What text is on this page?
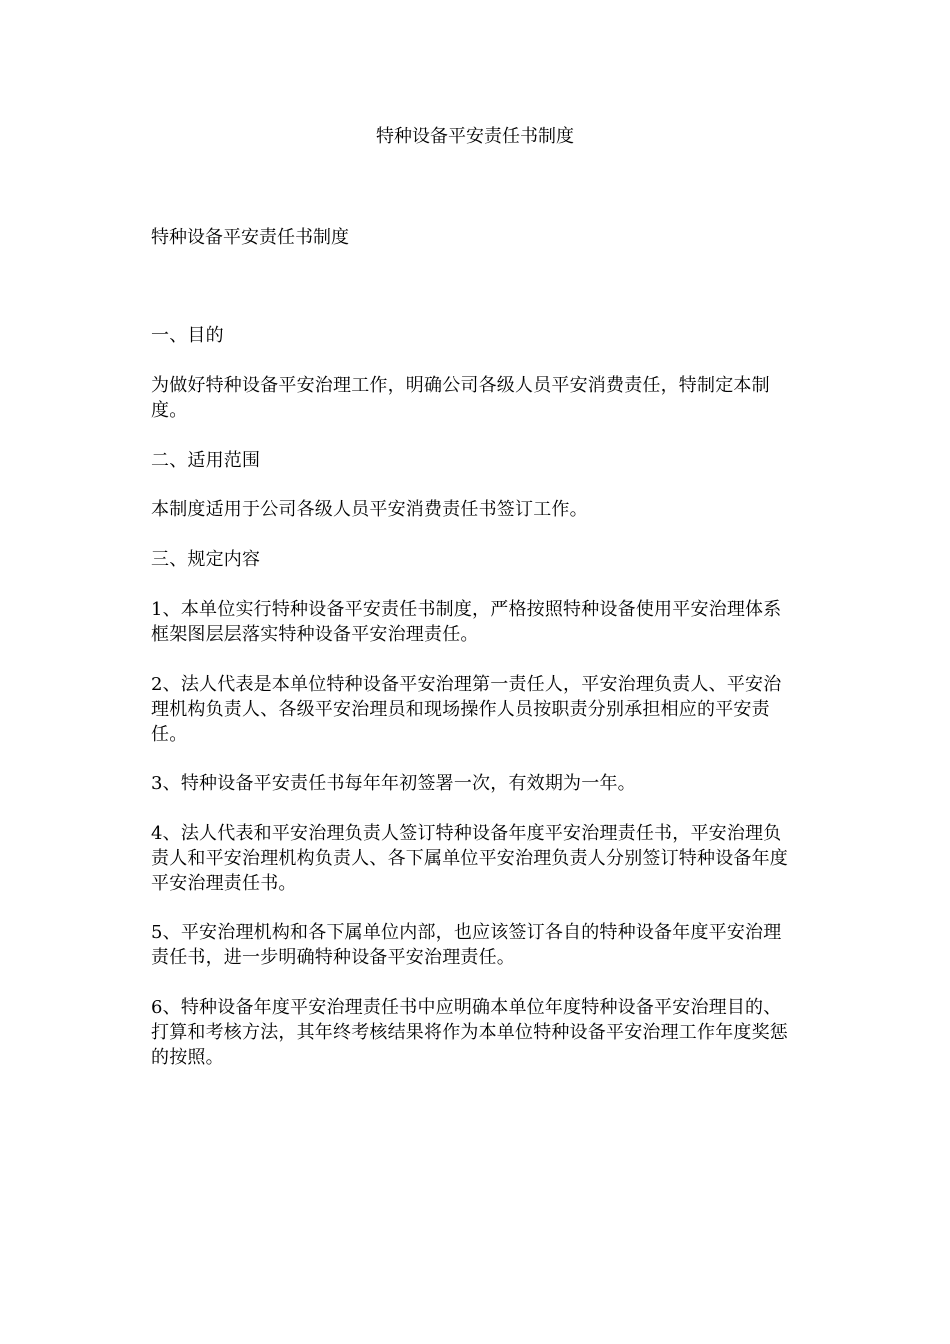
特种设备平安责任书制度

特种设备平安责任书制度

一、目的

为做好特种设备平安治理工作，明确公司各级人员平安消费责任，特制定本制度。

二、适用范围

本制度适用于公司各级人员平安消费责任书签订工作。

三、规定内容

1、本单位实行特种设备平安责任书制度，严格按照特种设备使用平安治理体系框架图层层落实特种设备平安治理责任。

2、法人代表是本单位特种设备平安治理第一责任人，平安治理负责人、平安治理机构负责人、各级平安治理员和现场操作人员按职责分别承担相应的平安责任。

3、特种设备平安责任书每年年初签署一次，有效期为一年。

4、法人代表和平安治理负责人签订特种设备年度平安治理责任书，平安治理负责人和平安治理机构负责人、各下属单位平安治理负责人分别签订特种设备年度平安治理责任书。

5、平安治理机构和各下属单位内部，也应该签订各自的特种设备年度平安治理责任书，进一步明确特种设备平安治理责任。

6、特种设备年度平安治理责任书中应明确本单位年度特种设备平安治理目的、打算和考核方法，其年终考核结果将作为本单位特种设备平安治理工作年度奖惩的按照。
